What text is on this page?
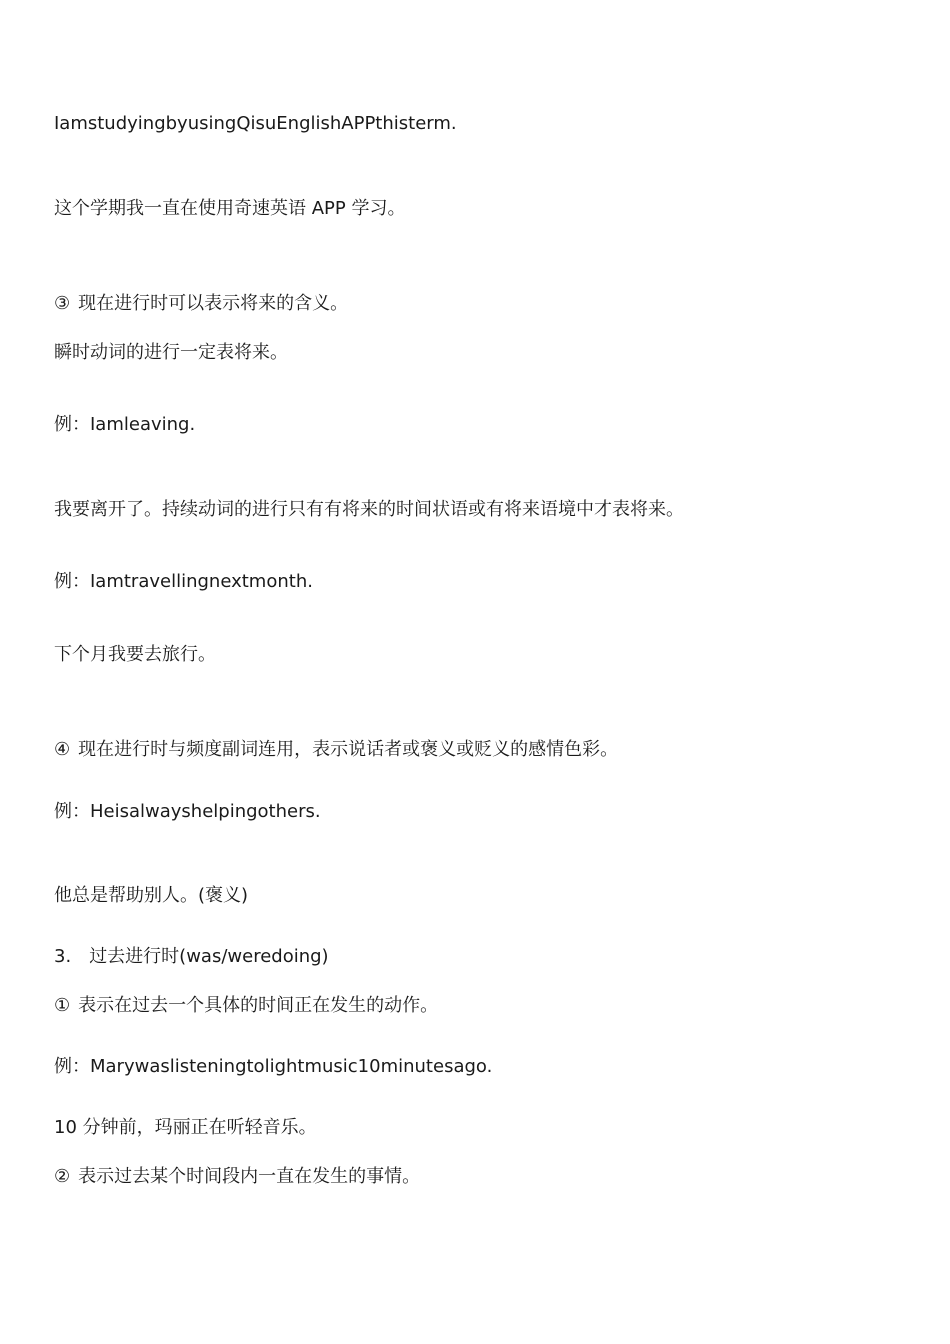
IamstudyingbyusingQisuEnglishAPPthisterm.
这个学期我一直在使用奇速英语 APP 学习。
③ 现在进行时可以表示将来的含义。
瞬时动词的进行一定表将来。
例：Iamleaving.
我要离开了。持续动词的进行只有有将来的时间状语或有将来语境中才表将来。
例：Iamtravellingnextmonth.
下个月我要去旅行。
④ 现在进行时与频度副词连用，表示说话者或褒义或贬义的感情色彩。
例：Heisalwayshelpingothers.
他总是帮助别人。(褒义)
3. 过去进行时(was/weredoing)
① 表示在过去一个具体的时间正在发生的动作。
例：Marywaslisteningtolightmusic10minutesago.
10 分钟前，玛丽正在听轻音乐。
② 表示过去某个时间段内一直在发生的事情。
